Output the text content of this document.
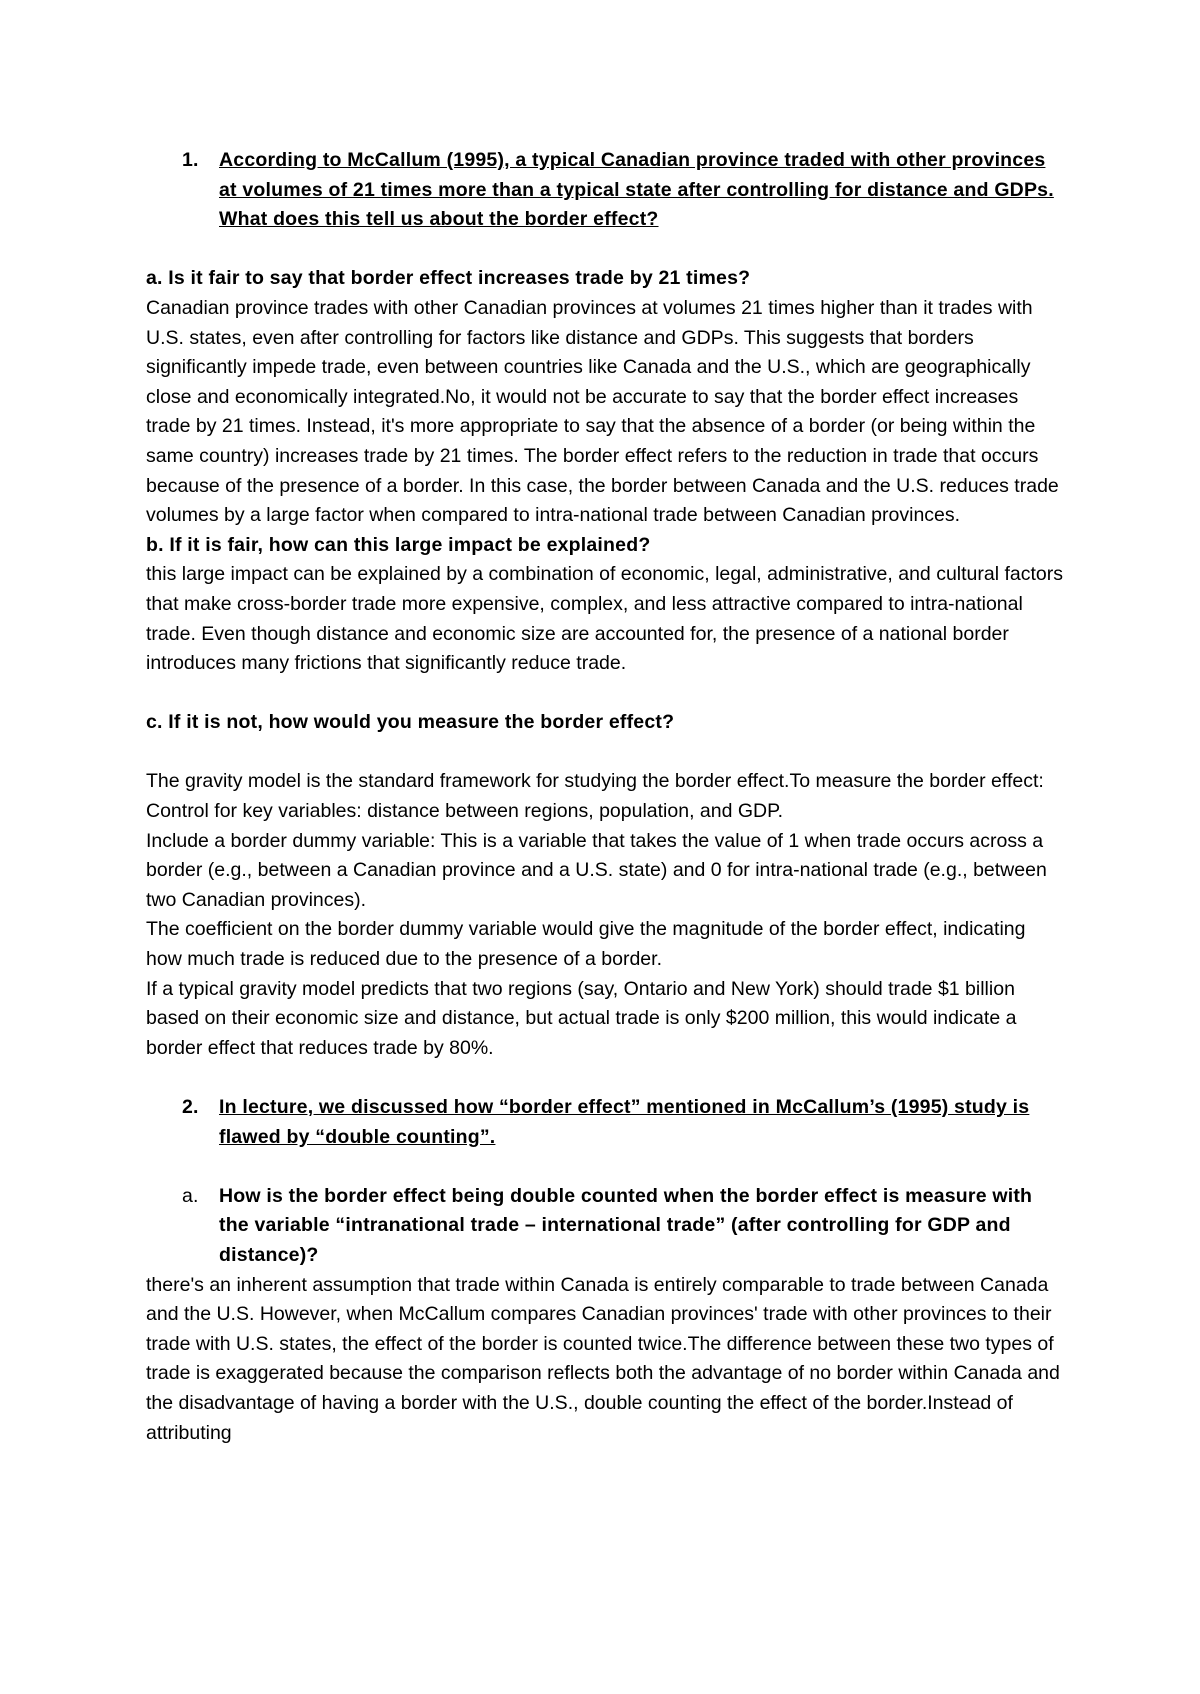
1. According to McCallum (1995), a typical Canadian province traded with other provinces at volumes of 21 times more than a typical state after controlling for distance and GDPs. What does this tell us about the border effect?

a. Is it fair to say that border effect increases trade by 21 times?

Canadian province trades with other Canadian provinces at volumes 21 times higher than it trades with U.S. states, even after controlling for factors like distance and GDPs. This suggests that borders significantly impede trade, even between countries like Canada and the U.S., which are geographically close and economically integrated.No, it would not be accurate to say that the border effect increases trade by 21 times. Instead, it's more appropriate to say that the absence of a border (or being within the same country) increases trade by 21 times. The border effect refers to the reduction in trade that occurs because of the presence of a border. In this case, the border between Canada and the U.S. reduces trade volumes by a large factor when compared to intra-national trade between Canadian provinces.

b. If it is fair, how can this large impact be explained?

this large impact can be explained by a combination of economic, legal, administrative, and cultural factors that make cross-border trade more expensive, complex, and less attractive compared to intra-national trade. Even though distance and economic size are accounted for, the presence of a national border introduces many frictions that significantly reduce trade.

c. If it is not, how would you measure the border effect?

The gravity model is the standard framework for studying the border effect.To measure the border effect:

Control for key variables: distance between regions, population, and GDP.

Include a border dummy variable: This is a variable that takes the value of 1 when trade occurs across a border (e.g., between a Canadian province and a U.S. state) and 0 for intra-national trade (e.g., between two Canadian provinces).

The coefficient on the border dummy variable would give the magnitude of the border effect, indicating how much trade is reduced due to the presence of a border.

If a typical gravity model predicts that two regions (say, Ontario and New York) should trade $1 billion based on their economic size and distance, but actual trade is only $200 million, this would indicate a border effect that reduces trade by 80%.

2. In lecture, we discussed how “border effect” mentioned in McCallum’s (1995) study is flawed by “double counting”.
a. How is the border effect being double counted when the border effect is measure with the variable “intranational trade – international trade” (after controlling for GDP and distance)?

there's an inherent assumption that trade within Canada is entirely comparable to trade between Canada and the U.S. However, when McCallum compares Canadian provinces' trade with other provinces to their trade with U.S. states, the effect of the border is counted twice.The difference between these two types of trade is exaggerated because the comparison reflects both the advantage of no border within Canada and the disadvantage of having a border with the U.S., double counting the effect of the border.Instead of attributing
